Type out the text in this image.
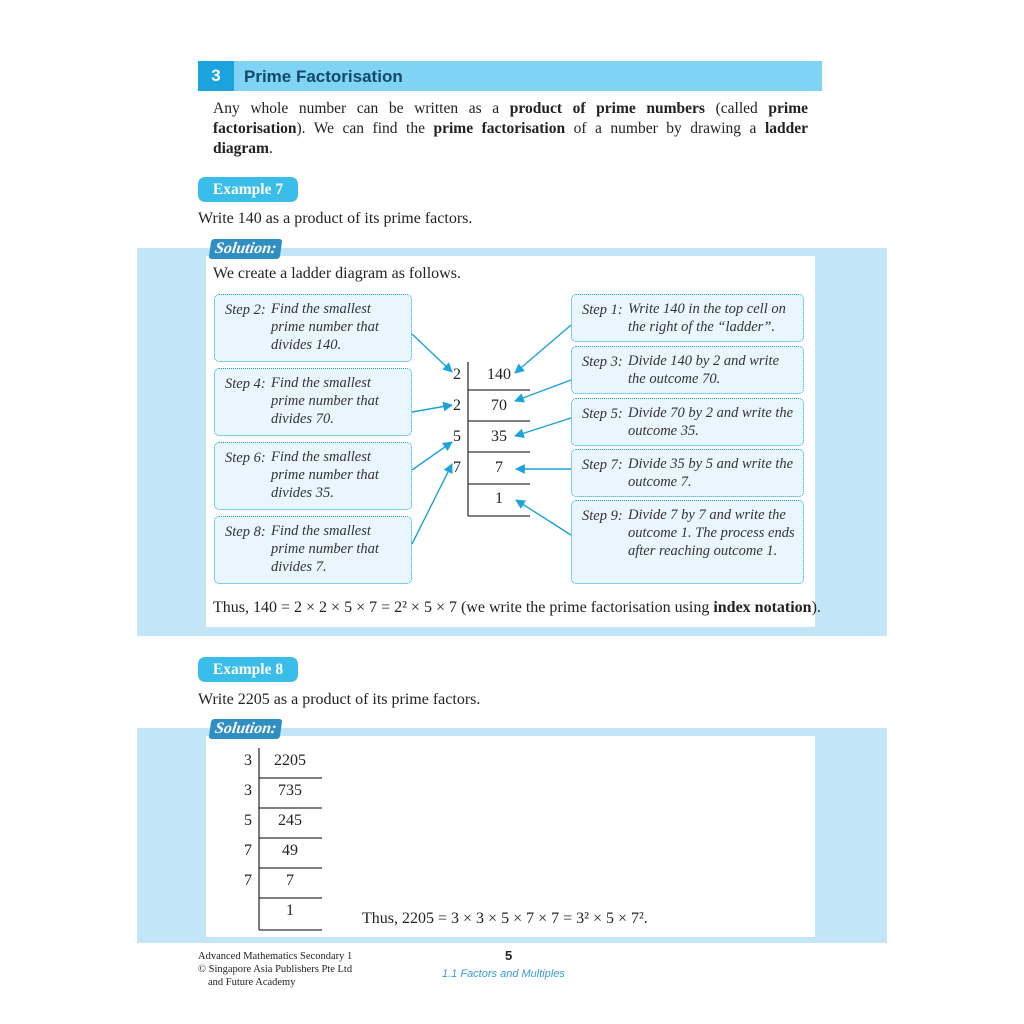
3	Prime Factorisation
Any whole number can be written as a product of prime numbers (called prime factorisation). We can find the prime factorisation of a number by drawing a ladder diagram.
Example 7
Write 140 as a product of its prime factors.
Solution:
We create a ladder diagram as follows.
Step 2: Find the smallest prime number that divides 140.
Step 4: Find the smallest prime number that divides 70.
Step 6: Find the smallest prime number that divides 35.
Step 8: Find the smallest prime number that divides 7.
Step 1: Write 140 in the top cell on the right of the “ladder”.
Step 3: Divide 140 by 2 and write the outcome 70.
Step 5: Divide 70 by 2 and write the outcome 35.
Step 7: Divide 35 by 5 and write the outcome 7.
Step 9: Divide 7 by 7 and write the outcome 1. The process ends after reaching outcome 1.
2
2
5
7
140
70
35
7
1
Thus, 140 = 2 × 2 × 5 × 7 = 2² × 5 × 7 (we write the prime factorisation using index notation).
Example 8
Write 2205 as a product of its prime factors.
Solution:
3
3
5
7
7
2205
735
245
49
7
1	Thus, 2205 = 3 × 3 × 5 × 7 × 7 = 3² × 5 × 7².
Advanced Mathematics Secondary 1
© Singapore Asia Publishers Pte Ltd
and Future Academy
5
1.1 Factors and Multiples
